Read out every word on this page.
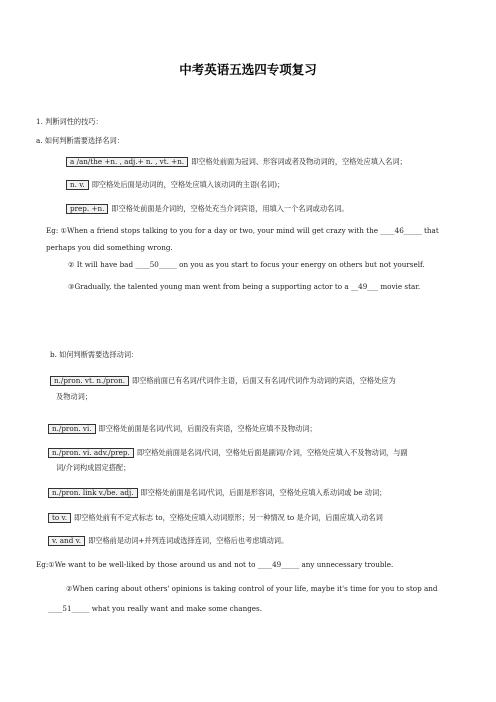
中考英语五选四专项复习
1. 判断词性的技巧：
a. 如何判断需要选择名词：
a /an/the +n. , adj.+ n. , vt. +n. 即空格处前面为冠词、形容词或者及物动词的，空格处应填入名词；
n. v. 即空格处后面是动词的，空格处应填入该动词的主语(名词)；
prep. +n. 即空格处前面是介词的，空格处充当介词宾语，用填入一个名词或动名词。
Eg: ①When a friend stops talking to you for a day or two, your mind will get crazy with the ____46_____ that
perhaps you did something wrong.
② It will have bad ____50_____ on you as you start to focus your energy on others but not yourself.
③Gradually, the talented young man went from being a supporting actor to a __49___ movie star.
b. 如何判断需要选择动词：
n./pron. vt. n./pron. 即空格前面已有名词/代词作主语，后面又有名词/代词作为动词的宾语，空格处应为
及物动词；
n./pron. vi. 即空格处前面是名词/代词，后面没有宾语，空格处应填不及物动词；
n./pron. vi. adv./prep. 即空格处前面是名词/代词，空格处后面是副词/介词，空格处应填入不及物动词，与副
词/介词构成固定搭配；
n./pron. link v./be. adj. 即空格处前面是名词/代词，后面是形容词，空格处应填入系动词或 be 动词；
to v. 即空格处前有不定式标志 to，空格处应填入动词原形；另一种情况 to 是介词，后面应填入动名词
v. and v. 即空格前是动词+并列连词或选择连词，空格后也考虑填动词。
Eg:①We want to be well-liked by those around us and not to ____49_____ any unnecessary trouble.
②When caring about others' opinions is taking control of your life, maybe it's time for you to stop and
____51_____ what you really want and make some changes.
